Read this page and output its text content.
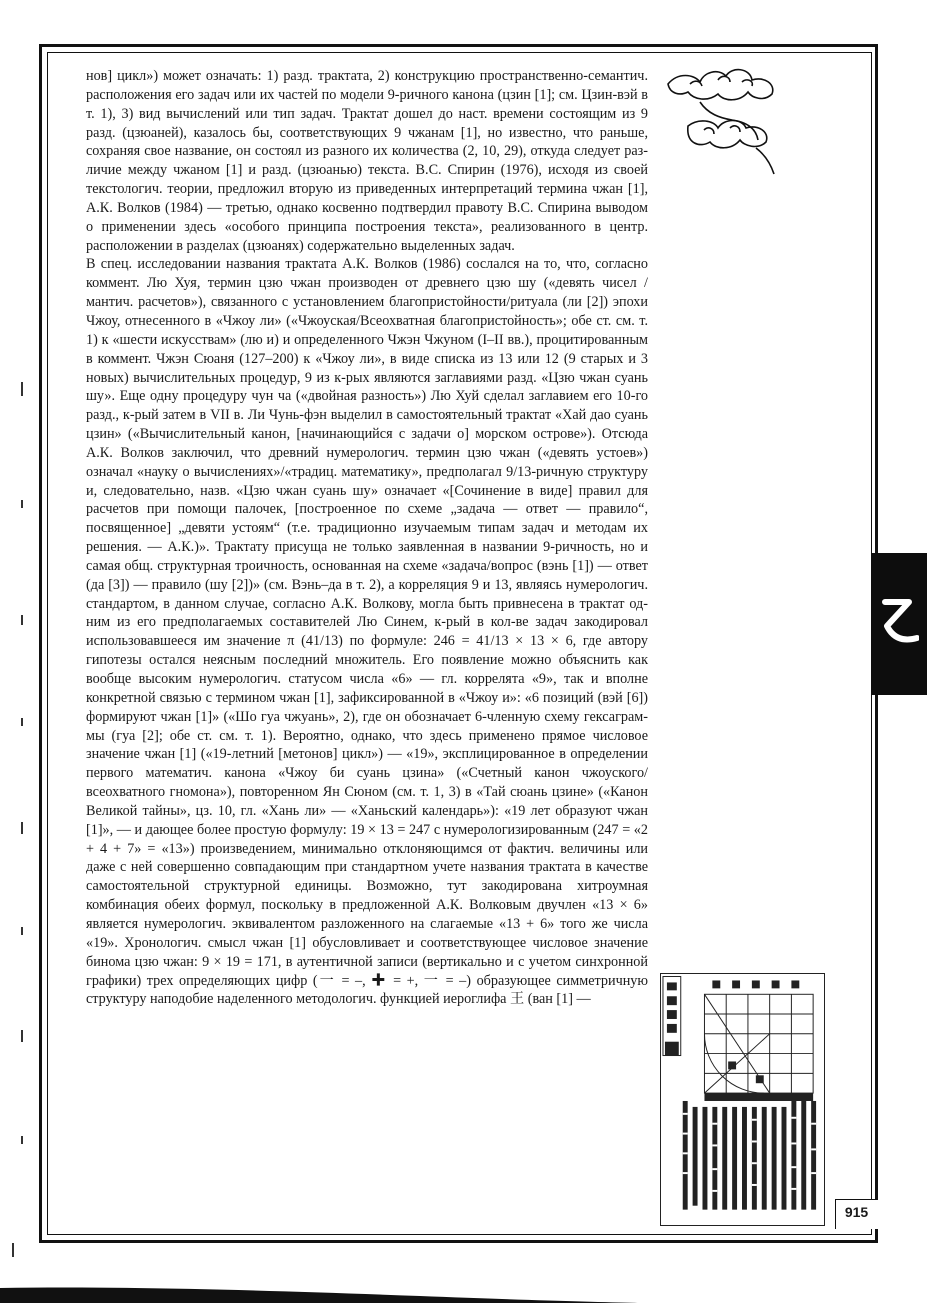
нов] цикл») может означать: 1) разд. трактата, 2) конструкцию пространственно-семантич. расположения его задач или их частей по модели 9-ричного канона (цзин [1]; см. Цзин-вэй в т. 1), 3) вид вычислений или тип задач. Трактат дошел до наст. времени состоящим из 9 разд. (цзюаней), казалось бы, соответствующих 9 чжанам [1], но известно, что раньше, сохраняя свое название, он состоял из разного их количества (2, 10, 29), откуда следует различие между чжаном [1] и разд. (цзюанью) текста. В.С. Спирин (1976), исходя из своей текстологич. теории, предложил вторую из приведенных интерпретаций термина чжан [1], А.К. Волков (1984) — третью, однако косвенно подтвердил правоту В.С. Спирина выводом о применении здесь «особого принципа построения текста», реализованного в центр. расположении в разделах (цзюанях) содержательно выделенных задач.

В спец. исследовании названия трактата А.К. Волков (1986) сослался на то, что, согласно коммент. Лю Хуя, термин цзю чжан производен от древнего цзю шу («девять чисел / мантич. расчетов»), связанного с установлением благопристойности/ритуала (ли [2]) эпохи Чжоу, отнесенного в «Чжоу ли» («Чжоуская/Всеохватная благопристойность»; обе ст. см. т. 1) к «шести искусствам» (лю и) и определенного Чжэн Чжуном (I–II вв.), процитированным в коммент. Чжэн Сюаня (127–200) к «Чжоу ли», в виде списка из 13 или 12 (9 старых и 3 новых) вычислительных процедур, 9 из к-рых являются заглавиями разд. «Цзю чжан суань шу». Еще одну процедуру чун ча («двойная разность») Лю Хуй сделал заглавием его 10-го разд., к-рый затем в VII в. Ли Чунь-фэн выделил в самостоятельный трактат «Хай дао суань цзин» («Вычислительный канон, [начинающийся с задачи о] морском острове»). Отсюда А.К. Волков заключил, что древний нумерологич. термин цзю чжан («девять устоев») означал «науку о вычислениях»/«традиц. математику», предполагал 9/13-ричную структуру и, следовательно, назв. «Цзю чжан суань шу» означает «[Сочинение в виде] правил для расчетов при помощи палочек, [построенное по схеме „задача — ответ — правило“, посвященное] „девяти устоям“ (т.е. традиционно изучаемым типам задач и методам их решения. — А.К.)». Трактату присуща не только заявленная в названии 9-ричность, но и самая общ. структурная троичность, основанная на схеме «задача/вопрос (вэнь [1]) — ответ (да [3]) — правило (шу [2])» (см. Вэнь–да в т. 2), а корреляция 9 и 13, являясь нумерологич. стандартом, в данном случае, согласно А.К. Волкову, могла быть привнесена в трактат одним из его предполагаемых составителей Лю Синем, к-рый в кол-ве задач закодировал использовавшееся им значение π (41/13) по формуле: 246 = 41/13 × 13 × 6, где автору гипотезы остался неясным последний множитель. Его появление можно объяснить как вообще высоким нумерологич. статусом числа «6» — гл. коррелята «9», так и вполне конкретной связью с термином чжан [1], зафиксированной в «Чжоу и»: «6 позиций (вэй [6]) формируют чжан [1]» («Шо гуа чжуань», 2), где он обозначает 6-членную схему гексаграммы (гуа [2]; обе ст. см. т. 1). Вероятно, однако, что здесь применено прямое числовое значение чжан [1] («19-летний [метонов] цикл») — «19», эксплицированное в определении первого математич. канона «Чжоу би суань цзина» («Счетный канон чжоуского/всеохватного гномона»), повторенном Ян Сюном (см. т. 1, 3) в «Тай сюань цзине» («Канон Великой тайны», цз. 10, гл. «Хань ли» — «Ханьский календарь»): «19 лет образуют чжан [1]», — и дающее более простую формулу: 19 × 13 = 247 с нумерологизированным (247 = «2 + 4 + 7» = «13») произведением, минимально отклоняющимся от фактич. величины или даже с ней совершенно совпадающим при стандартном учете названия трактата в качестве самостоятельной структурной единицы. Возможно, тут закодирована хитроумная комбинация обеих формул, поскольку в предложенной А.К. Волковым двучлен «13 × 6» является нумерологич. эквивалентом разложенного на слагаемые «13 + 6» того же числа «19». Хронологич. смысл чжан [1] обусловливает и соответствующее числовое значение бинома цзю чжан: 9 × 19 = 171, в аутентичной записи (вертикально и с учетом синхронной графики) трех определяющих цифр (⼀ = –, ✚ = +, ⼀ = –) образующее симметричную структуру наподобие наделенного методологич. функцией иероглифа 王 (ван [1] —

915
